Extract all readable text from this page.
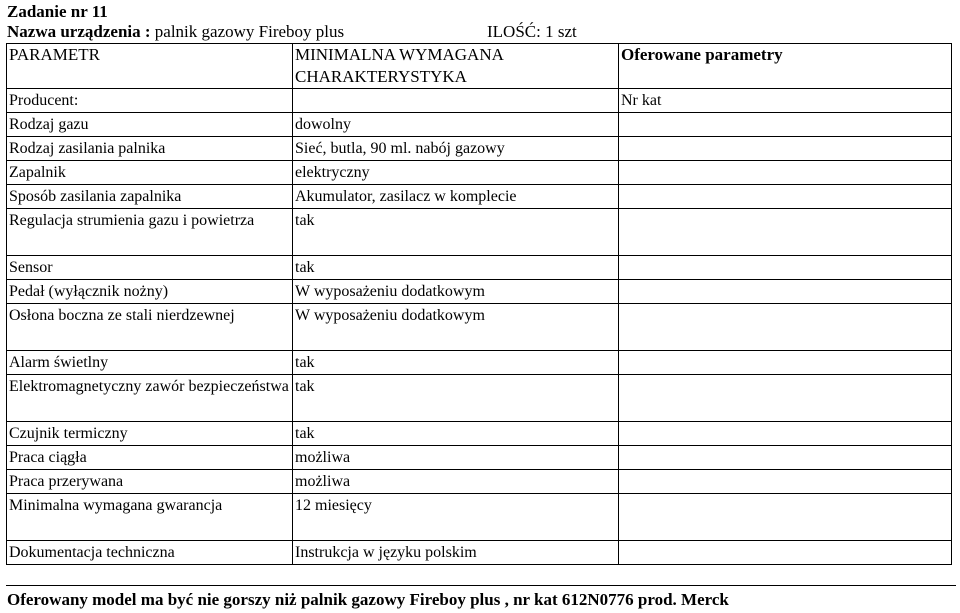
Zadanie nr 11
Nazwa urządzenia : palnik gazowy Fireboy plus	ILOŚĆ: 1 szt
PARAMETR	MINIMALNA WYMAGANA CHARAKTERYSTYKA	Oferowane parametry
Producent:		Nr kat
Rodzaj gazu	dowolny	
Rodzaj zasilania palnika	Sieć, butla, 90 ml. nabój gazowy	
Zapalnik	elektryczny	
Sposób zasilania zapalnika	Akumulator, zasilacz w komplecie	
Regulacja strumienia gazu i powietrza	tak	
Sensor	tak	
Pedał (wyłącznik nożny)	W wyposażeniu dodatkowym	
Osłona boczna ze stali nierdzewnej	W wyposażeniu dodatkowym	
Alarm świetlny	tak	
Elektromagnetyczny zawór bezpieczeństwa	tak	
Czujnik termiczny	tak	
Praca ciągła	możliwa	
Praca przerywana	możliwa	
Minimalna wymagana gwarancja	12 miesięcy	
Dokumentacja techniczna	Instrukcja w języku polskim	
Oferowany model ma być nie gorszy niż palnik gazowy Fireboy plus , nr kat 612N0776 prod. Merck
